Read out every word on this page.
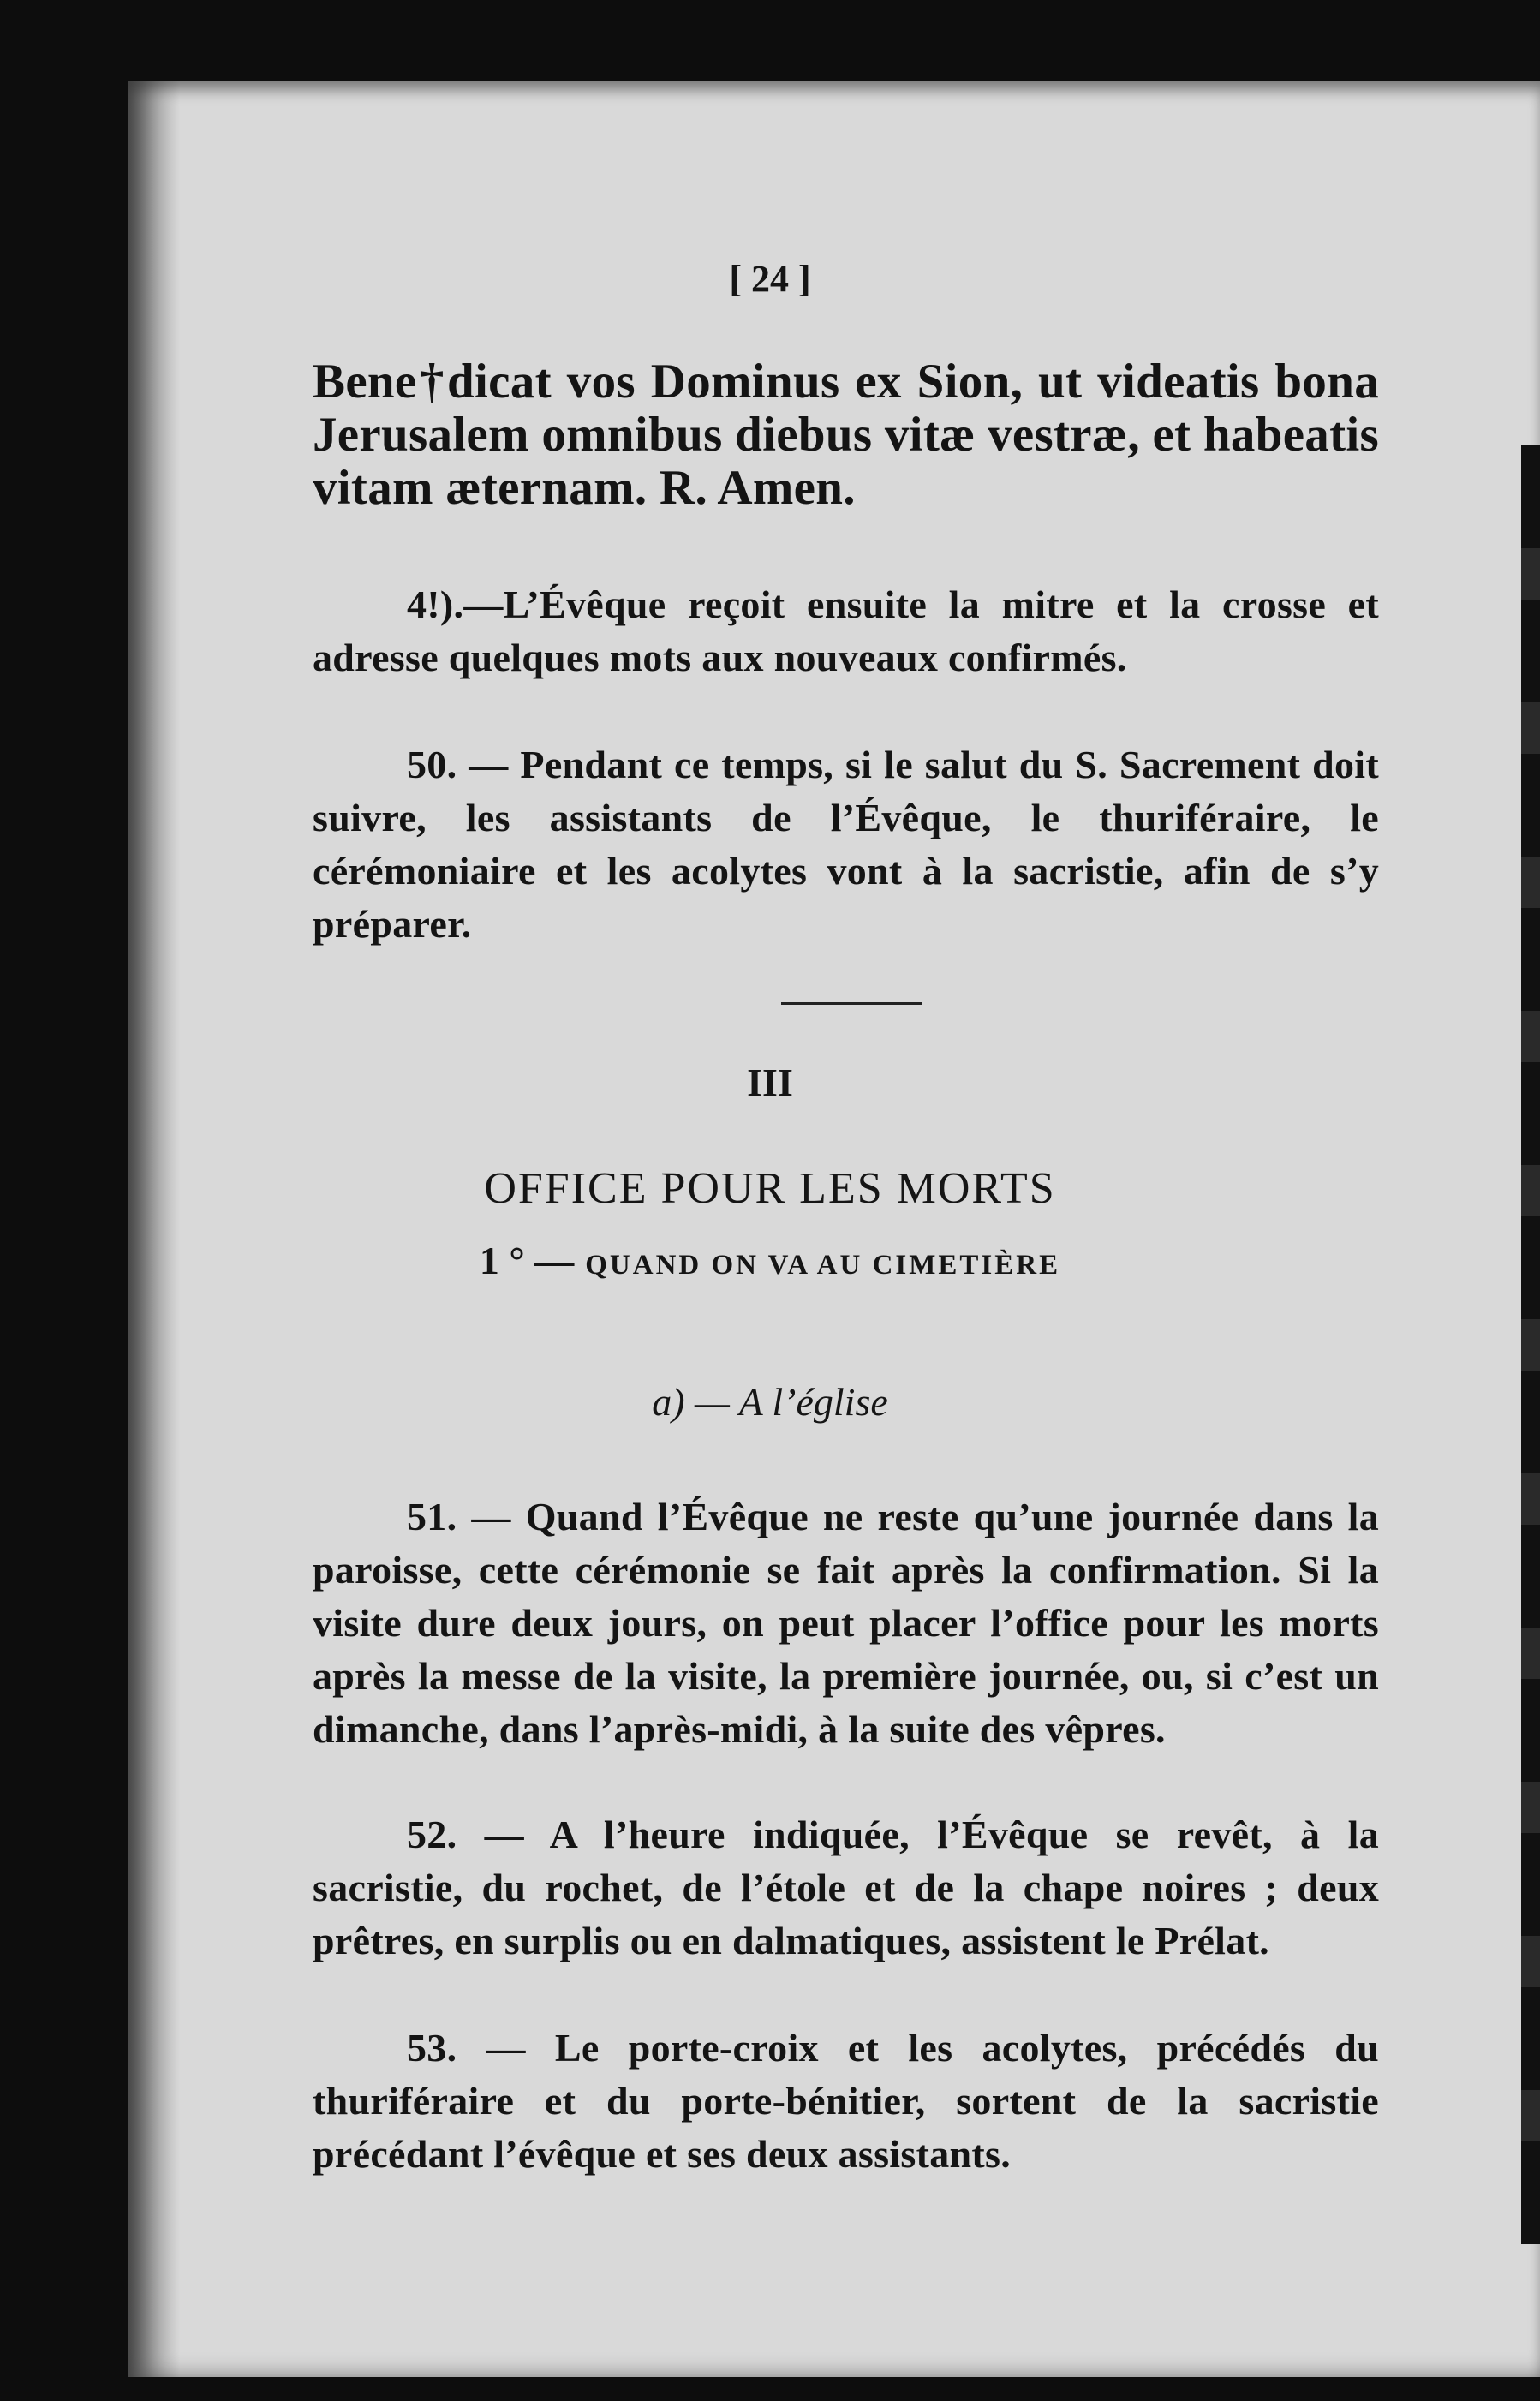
[ 24 ]
Bene†dicat vos Dominus ex Sion, ut videatis bona Jerusalem omnibus diebus vitæ vestræ, et habeatis vitam æternam. R. Amen.
4!).—L’Évêque reçoit ensuite la mitre et la crosse et adresse quelques mots aux nouveaux confirmés.
50. — Pendant ce temps, si le salut du S. Sacrement doit suivre, les assistants de l’Évêque, le thuriféraire, le cérémoniaire et les acolytes vont à la sacristie, afin de s’y préparer.
III
OFFICE POUR LES MORTS
1 ° — QUAND ON VA AU CIMETIÈRE
a) — A l’église
51. — Quand l’Évêque ne reste qu’une journée dans la paroisse, cette cérémonie se fait après la confirmation. Si la visite dure deux jours, on peut placer l’office pour les morts après la messe de la visite, la première journée, ou, si c’est un dimanche, dans l’après-midi, à la suite des vêpres.
52. — A l’heure indiquée, l’Évêque se revêt, à la sacristie, du rochet, de l’étole et de la chape noires ; deux prêtres, en surplis ou en dalmatiques, assistent le Prélat.
53. — Le porte-croix et les acolytes, précédés du thuriféraire et du porte-bénitier, sortent de la sacristie précédant l’évêque et ses deux assistants.
